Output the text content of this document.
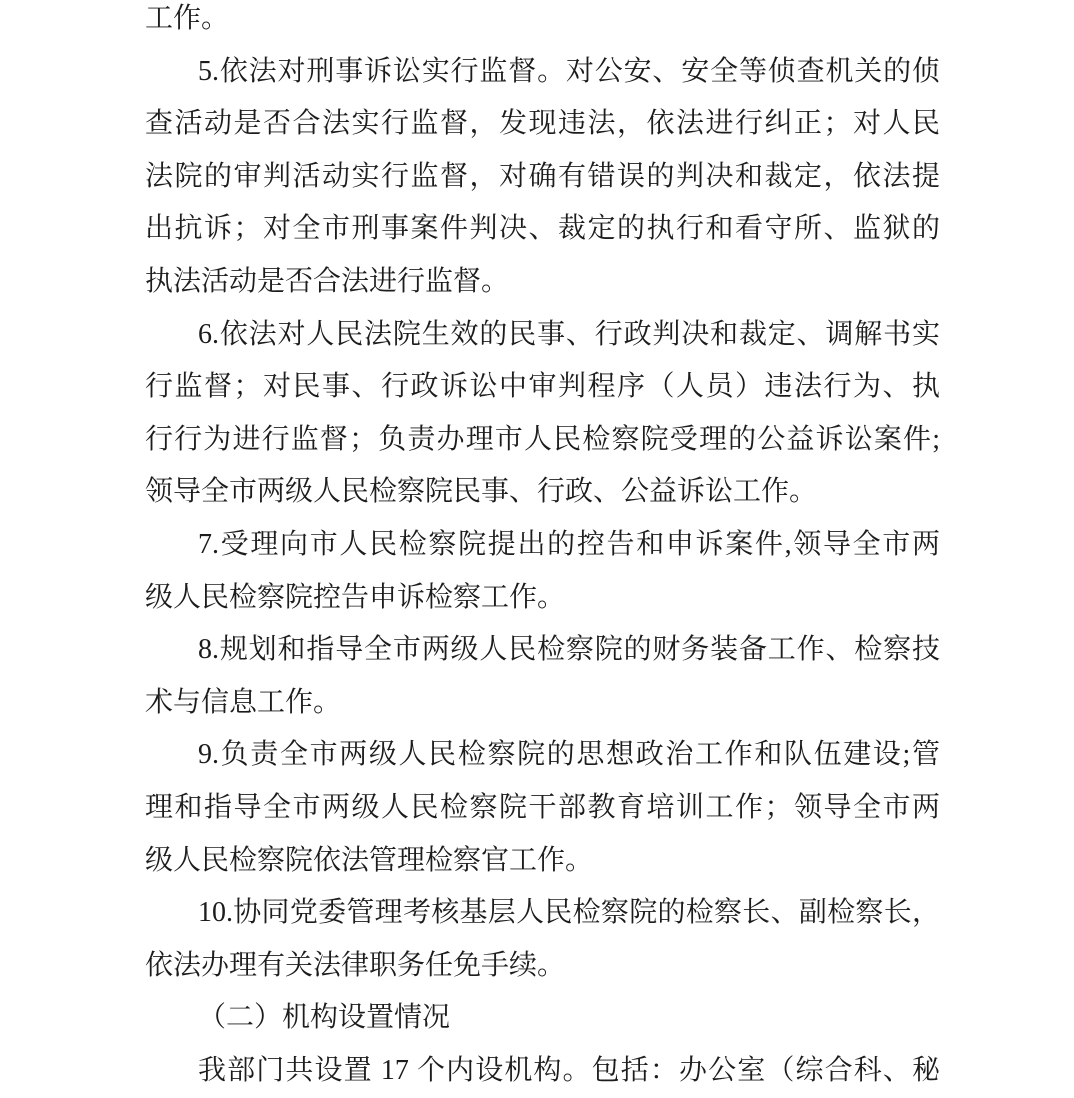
工作。
5.依法对刑事诉讼实行监督。对公安、安全等侦查机关的侦
查活动是否合法实行监督，发现违法，依法进行纠正；对人民
法院的审判活动实行监督，对确有错误的判决和裁定，依法提
出抗诉；对全市刑事案件判决、裁定的执行和看守所、监狱的
执法活动是否合法进行监督。
6.依法对人民法院生效的民事、行政判决和裁定、调解书实
行监督；对民事、行政诉讼中审判程序（人员）违法行为、执
行行为进行监督；负责办理市人民检察院受理的公益诉讼案件;
领导全市两级人民检察院民事、行政、公益诉讼工作。
7.受理向市人民检察院提出的控告和申诉案件,领导全市两
级人民检察院控告申诉检察工作。
8.规划和指导全市两级人民检察院的财务装备工作、检察技
术与信息工作。
9.负责全市两级人民检察院的思想政治工作和队伍建设;管
理和指导全市两级人民检察院干部教育培训工作；领导全市两
级人民检察院依法管理检察官工作。
10.协同党委管理考核基层人民检察院的检察长、副检察长，
依法办理有关法律职务任免手续。
（二）机构设置情况
我部门共设置 17 个内设机构。包括：办公室（综合科、秘
